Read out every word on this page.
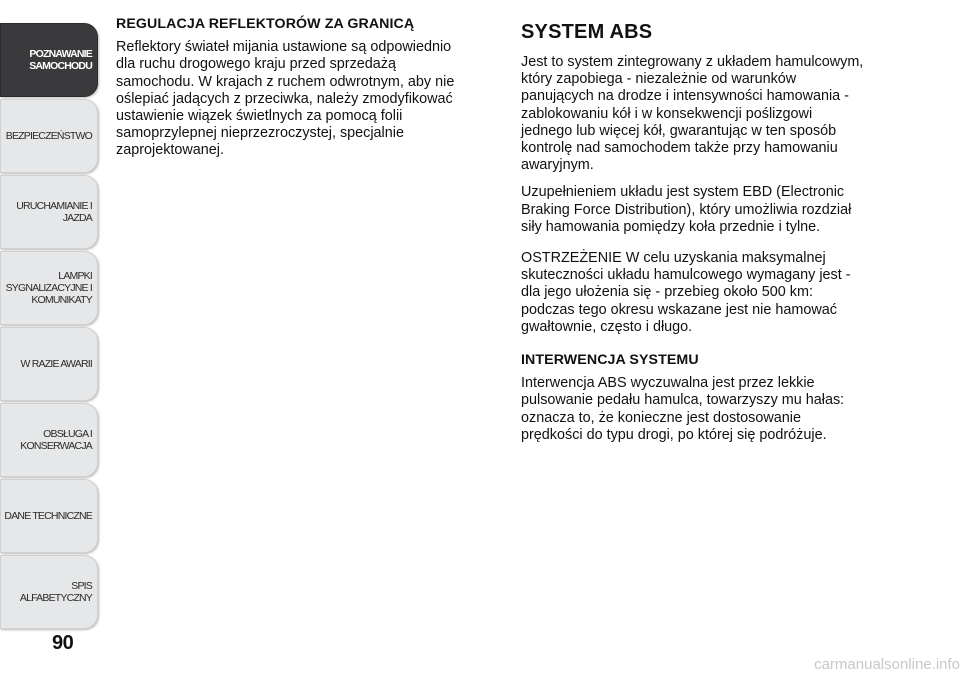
POZNAWANIE
SAMOCHODU
BEZPIECZEŃSTWO
URUCHAMIANIE I
JAZDA
LAMPKI
SYGNALIZACYJNE I
KOMUNIKATY
W RAZIE AWARII
OBSŁUGA I
KONSERWACJA
DANE TECHNICZNE
SPIS ALFABETYCZNY
90
REGULACJA REFLEKTORÓW ZA GRANICĄ

Reflektory świateł mijania ustawione są odpowiednio
dla ruchu drogowego kraju przed sprzedażą
samochodu. W krajach z ruchem odwrotnym, aby nie
oślepiać jadących z przeciwka, należy zmodyfikować
ustawienie wiązek świetlnych za pomocą folii
samoprzylepnej nieprzezroczystej, specjalnie
zaprojektowanej.

SYSTEM ABS

Jest to system zintegrowany z układem hamulcowym,
który zapobiega - niezależnie od warunków
panujących na drodze i intensywności hamowania -
zablokowaniu kół i w konsekwencji poślizgowi
jednego lub więcej kół, gwarantując w ten sposób
kontrolę nad samochodem także przy hamowaniu
awaryjnym.

Uzupełnieniem układu jest system EBD (Electronic
Braking Force Distribution), który umożliwia rozdział
siły hamowania pomiędzy koła przednie i tylne.

OSTRZEŻENIE W celu uzyskania maksymalnej
skuteczności układu hamulcowego wymagany jest -
dla jego ułożenia się - przebieg około 500 km:
podczas tego okresu wskazane jest nie hamować
gwałtownie, często i długo.

INTERWENCJA SYSTEMU

Interwencja ABS wyczuwalna jest przez lekkie
pulsowanie pedału hamulca, towarzyszy mu hałas:
oznacza to, że konieczne jest dostosowanie
prędkości do typu drogi, po której się podróżuje.

carmanualsonline.info
